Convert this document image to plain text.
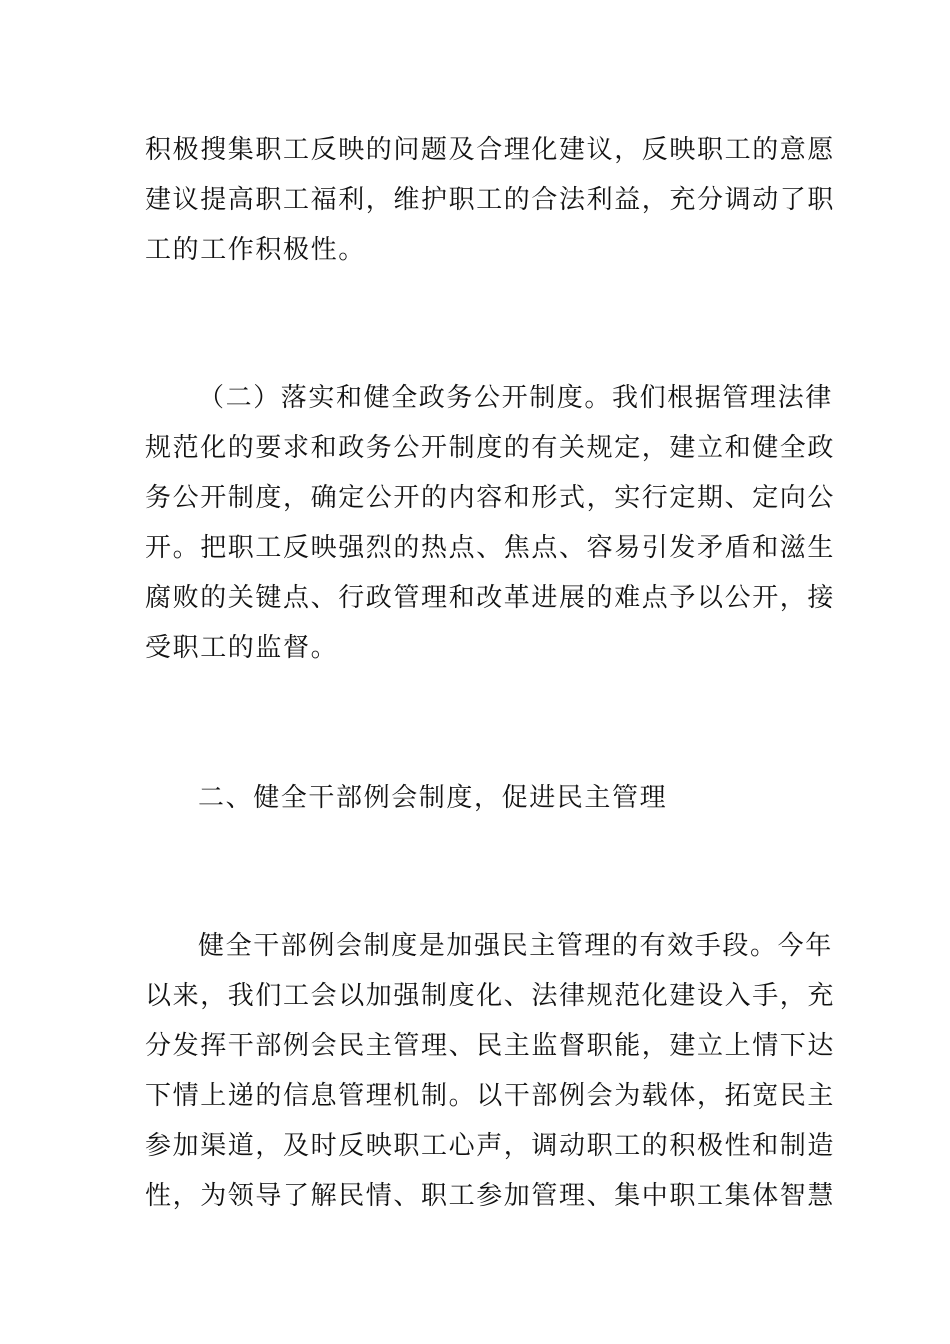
积极搜集职工反映的问题及合理化建议，反映职工的意愿
建议提高职工福利，维护职工的合法利益，充分调动了职
工的工作积极性。
（二）落实和健全政务公开制度。我们根据管理法律
规范化的要求和政务公开制度的有关规定，建立和健全政
务公开制度，确定公开的内容和形式，实行定期、定向公
开。把职工反映强烈的热点、焦点、容易引发矛盾和滋生
腐败的关键点、行政管理和改革进展的难点予以公开，接
受职工的监督。
二、健全干部例会制度，促进民主管理
健全干部例会制度是加强民主管理的有效手段。今年
以来，我们工会以加强制度化、法律规范化建设入手，充
分发挥干部例会民主管理、民主监督职能，建立上情下达
下情上递的信息管理机制。以干部例会为载体，拓宽民主
参加渠道，及时反映职工心声，调动职工的积极性和制造
性，为领导了解民情、职工参加管理、集中职工集体智慧
